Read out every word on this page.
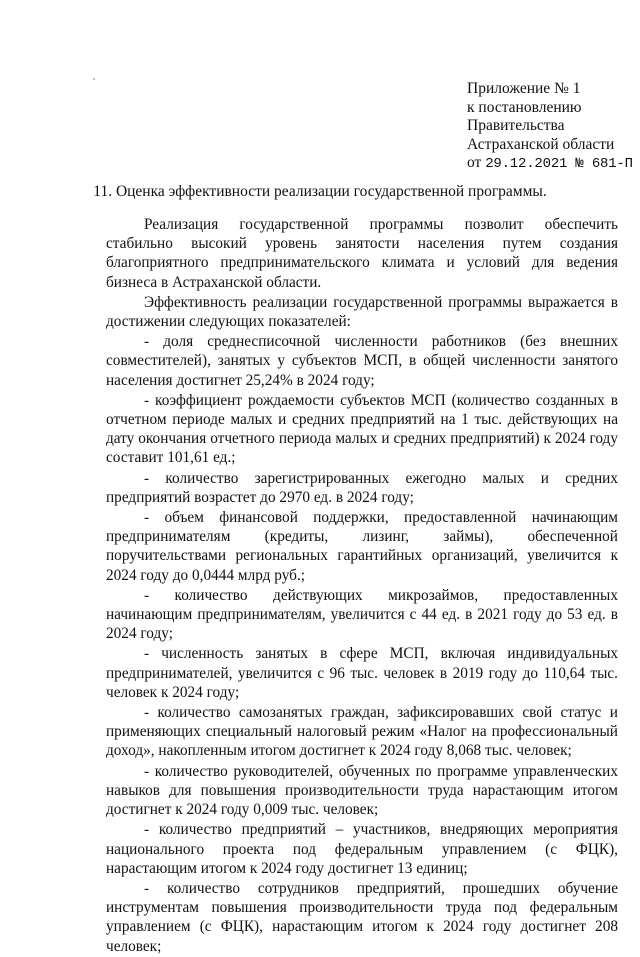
Приложение № 1
к постановлению
Правительства
Астраханской области
от 29.12.2021 № 681-П
11. Оценка эффективности реализации государственной программы.

Реализация государственной программы позволит обеспечить стабильно высокий уровень занятости населения путем создания благоприятного предпринимательского климата и условий для ведения бизнеса в Астраханской области.

Эффективность реализации государственной программы выражается в достижении следующих показателей:

- доля среднесписочной численности работников (без внешних совместителей), занятых у субъектов МСП, в общей численности занятого населения достигнет 25,24% в 2024 году;

- коэффициент рождаемости субъектов МСП (количество созданных в отчетном периоде малых и средних предприятий на 1 тыс. действующих на дату окончания отчетного периода малых и средних предприятий) к 2024 году составит 101,61 ед.;

- количество зарегистрированных ежегодно малых и средних предприятий возрастет до 2970 ед. в 2024 году;

- объем финансовой поддержки, предоставленной начинающим предпринимателям (кредиты, лизинг, займы), обеспеченной поручительствами региональных гарантийных организаций, увеличится к 2024 году до 0,0444 млрд руб.;

- количество действующих микрозаймов, предоставленных начинающим предпринимателям, увеличится с 44 ед. в 2021 году до 53 ед. в 2024 году;

- численность занятых в сфере МСП, включая индивидуальных предпринимателей, увеличится с 96 тыс. человек в 2019 году до 110,64 тыс. человек к 2024 году;

- количество самозанятых граждан, зафиксировавших свой статус и применяющих специальный налоговый режим «Налог на профессиональный доход», накопленным итогом достигнет к 2024 году 8,068 тыс. человек;

- количество руководителей, обученных по программе управленческих навыков для повышения производительности труда нарастающим итогом достигнет к 2024 году 0,009 тыс. человек;

- количество предприятий – участников, внедряющих мероприятия национального проекта под федеральным управлением (с ФЦК), нарастающим итогом к 2024 году достигнет 13 единиц;

- количество сотрудников предприятий, прошедших обучение инструментам повышения производительности труда под федеральным управлением (с ФЦК), нарастающим итогом к 2024 году достигнет 208 человек;
